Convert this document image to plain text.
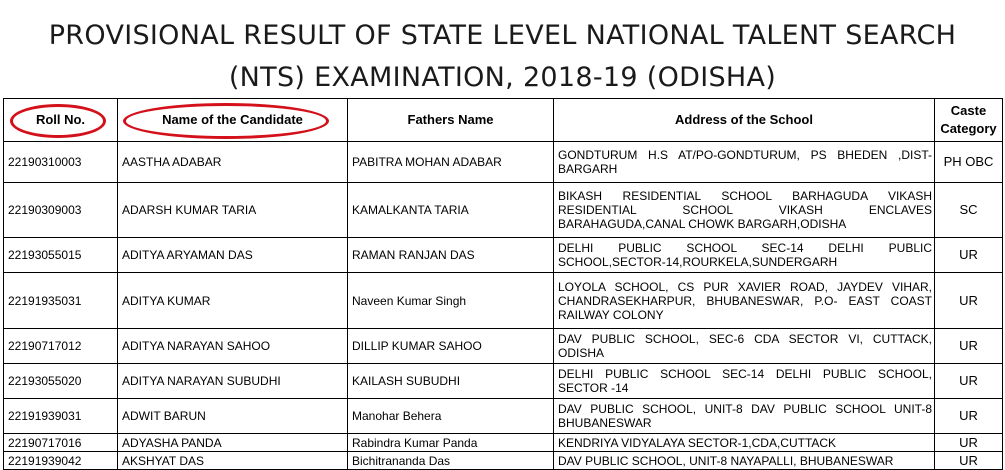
PROVISIONAL RESULT OF STATE LEVEL NATIONAL TALENT SEARCH
(NTS) EXAMINATION, 2018-19 (ODISHA)
Roll No.	Name of the Candidate	Fathers Name	Address of the School	Caste Category
22190310003	AASTHA ADABAR	PABITRA MOHAN ADABAR	GONDTURUM H.S AT/PO-GONDTURUM, PS BHEDEN ,DIST-BARGARH	PH OBC
22190309003	ADARSH KUMAR TARIA	KAMALKANTA TARIA	BIKASH RESIDENTIAL SCHOOL BARHAGUDA VIKASH RESIDENTIAL SCHOOL VIKASH ENCLAVES BARAHAGUDA,CANAL CHOWK BARGARH,ODISHA	SC
22193055015	ADITYA ARYAMAN DAS	RAMAN RANJAN DAS	DELHI PUBLIC SCHOOL SEC-14 DELHI PUBLIC SCHOOL,SECTOR-14,ROURKELA,SUNDERGARH	UR
22191935031	ADITYA KUMAR	Naveen Kumar Singh	LOYOLA SCHOOL, CS PUR XAVIER ROAD, JAYDEV VIHAR, CHANDRASEKHARPUR, BHUBANESWAR, P.O- EAST COAST RAILWAY COLONY	UR
22190717012	ADITYA NARAYAN SAHOO	DILLIP KUMAR SAHOO	DAV PUBLIC SCHOOL, SEC-6 CDA SECTOR VI, CUTTACK, ODISHA	UR
22193055020	ADITYA NARAYAN SUBUDHI	KAILASH SUBUDHI	DELHI PUBLIC SCHOOL SEC-14 DELHI PUBLIC SCHOOL, SECTOR -14	UR
22191939031	ADWIT BARUN	Manohar Behera	DAV PUBLIC SCHOOL, UNIT-8 DAV PUBLIC SCHOOL UNIT-8 BHUBANESWAR	UR
22190717016	ADYASHA PANDA	Rabindra Kumar Panda	KENDRIYA VIDYALAYA SECTOR-1,CDA,CUTTACK	UR
22191939042	AKSHYAT DAS	Bichitrananda Das	DAV PUBLIC SCHOOL, UNIT-8 NAYAPALLI, BHUBANESWAR	UR
